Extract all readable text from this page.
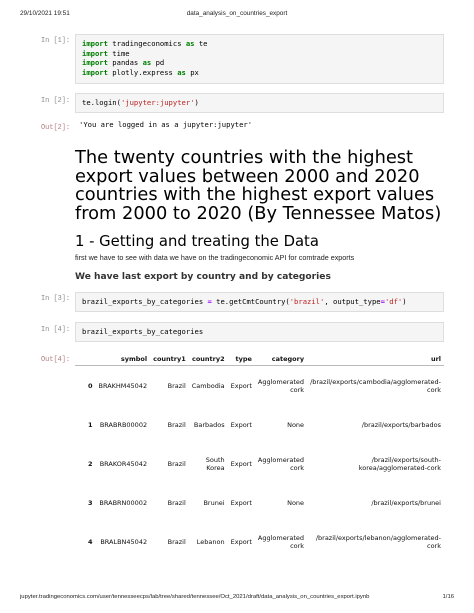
29/10/2021 19:51	data_analysis_on_countries_export
In [1]: import tradingeconomics as te
import time
import pandas as pd
import plotly.express as px
In [2]: te.login('jupyter:jupyter')
Out[2]: 'You are logged in as a jupyter:jupyter'
The twenty countries with the highest export values between 2000 and 2020 countries with the highest export values from 2000 to 2020 (By Tennessee Matos)
1 - Getting and treating the Data
first we have to see with data we have on the tradingeconomic API for comtrade exports
We have last export by country and by categories
In [3]: brazil_exports_by_categories = te.getCmtCountry('brazil', output_type='df')
In [4]: brazil_exports_by_categories
Out[4]:
		symbol	country1	country2	type	category	url
0	BRAKHM45042	Brazil	Cambodia	Export	Agglomerated cork	/brazil/exports/cambodia/agglomerated-cork
1	BRABRB00002	Brazil	Barbados	Export	None	/brazil/exports/barbados
2	BRAKOR45042	Brazil	South Korea	Export	Agglomerated cork	/brazil/exports/south-korea/agglomerated-cork
3	BRABRN00002	Brazil	Brunei	Export	None	/brazil/exports/brunei
4	BRALBN45042	Brazil	Lebanon	Export	Agglomerated cork	/brazil/exports/lebanon/agglomerated-cork
jupyter.tradingeconomics.com/user/tennesseecps/lab/tree/shared/tennessee/Oct_2021/draft/data_analysis_on_countries_export.ipynb	1/16
